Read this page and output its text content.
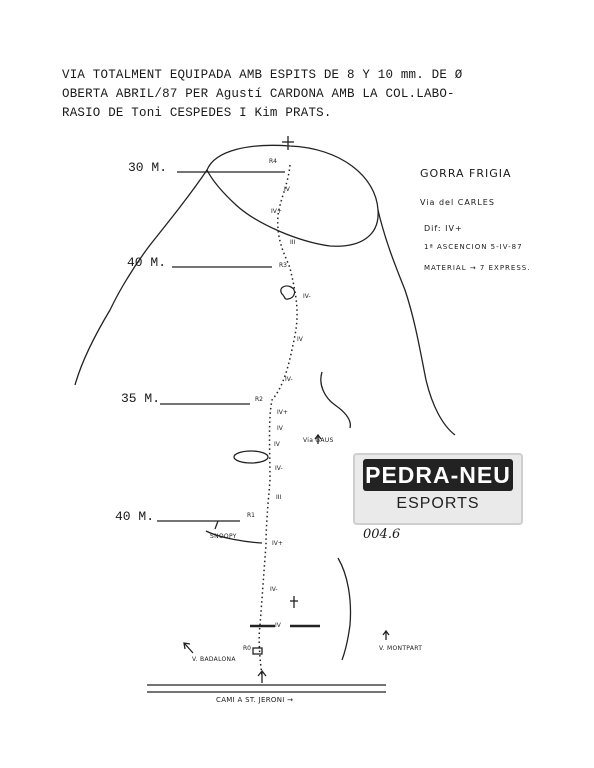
VIA TOTALMENT EQUIPADA AMB ESPITS DE 8 Y 10 mm. DE Ø
OBERTA ABRIL/87 PER Agustí CARDONA AMB LA COL.LABO-
RASIO DE Toni CESPEDES I Kim PRATS.
30 M.
40 M.
35 M.
40 M.
R4
R3
R2
R1
R0
IV
IV+
III
IV-
IV
IV-
IV+
IV
IV
IV-
III
IV+
IV-
IV
GORRA FRIGIA
Via del CARLES
Dif: IV+
1ª ASCENCION 5-IV-87
MATERIAL → 7 EXPRESS.
SNOOPY
Via GAUS
V. BADALONA
V. MONTPART
CAMI A ST. JERONI →
PEDRA-NEU
ESPORTS
004.6
